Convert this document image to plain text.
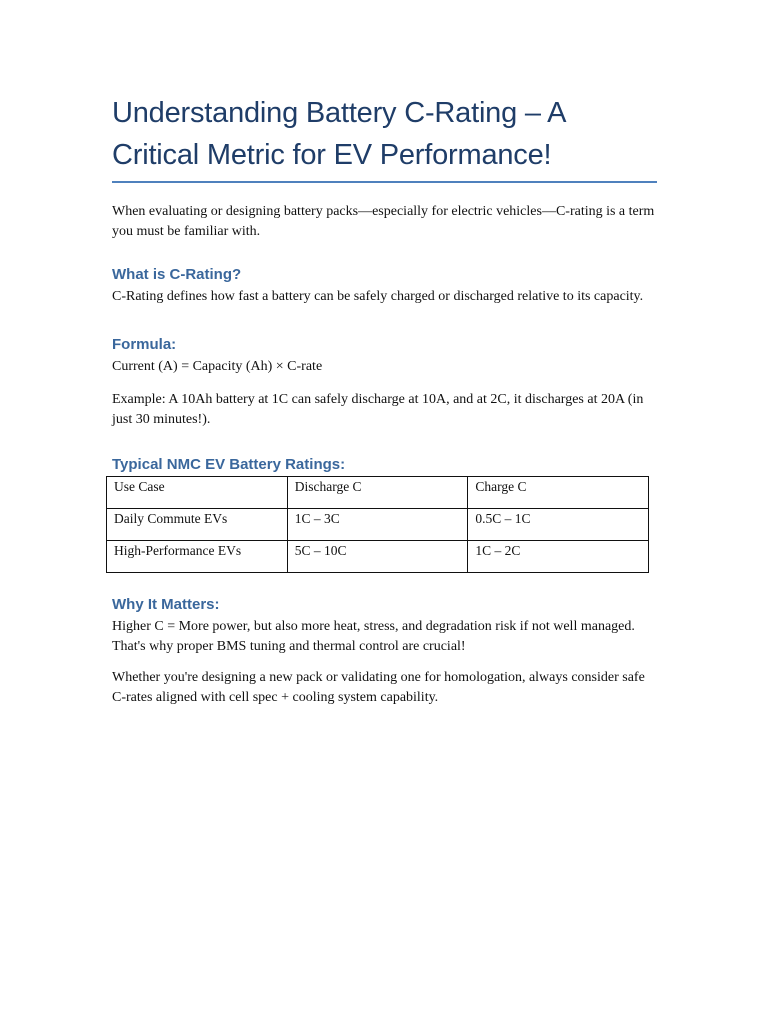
Understanding Battery C-Rating – A Critical Metric for EV Performance!

When evaluating or designing battery packs—especially for electric vehicles—C-rating is a term you must be familiar with.

What is C-Rating?

C-Rating defines how fast a battery can be safely charged or discharged relative to its capacity.

Formula:

Current (A) = Capacity (Ah) × C-rate

Example: A 10Ah battery at 1C can safely discharge at 10A, and at 2C, it discharges at 20A (in just 30 minutes!).

Typical NMC EV Battery Ratings:
Use Case	Discharge C	Charge C
Daily Commute EVs	1C – 3C	0.5C – 1C
High-Performance EVs	5C – 10C	1C – 2C
Why It Matters:

Higher C = More power, but also more heat, stress, and degradation risk if not well managed. That's why proper BMS tuning and thermal control are crucial!

Whether you're designing a new pack or validating one for homologation, always consider safe C-rates aligned with cell spec + cooling system capability.
